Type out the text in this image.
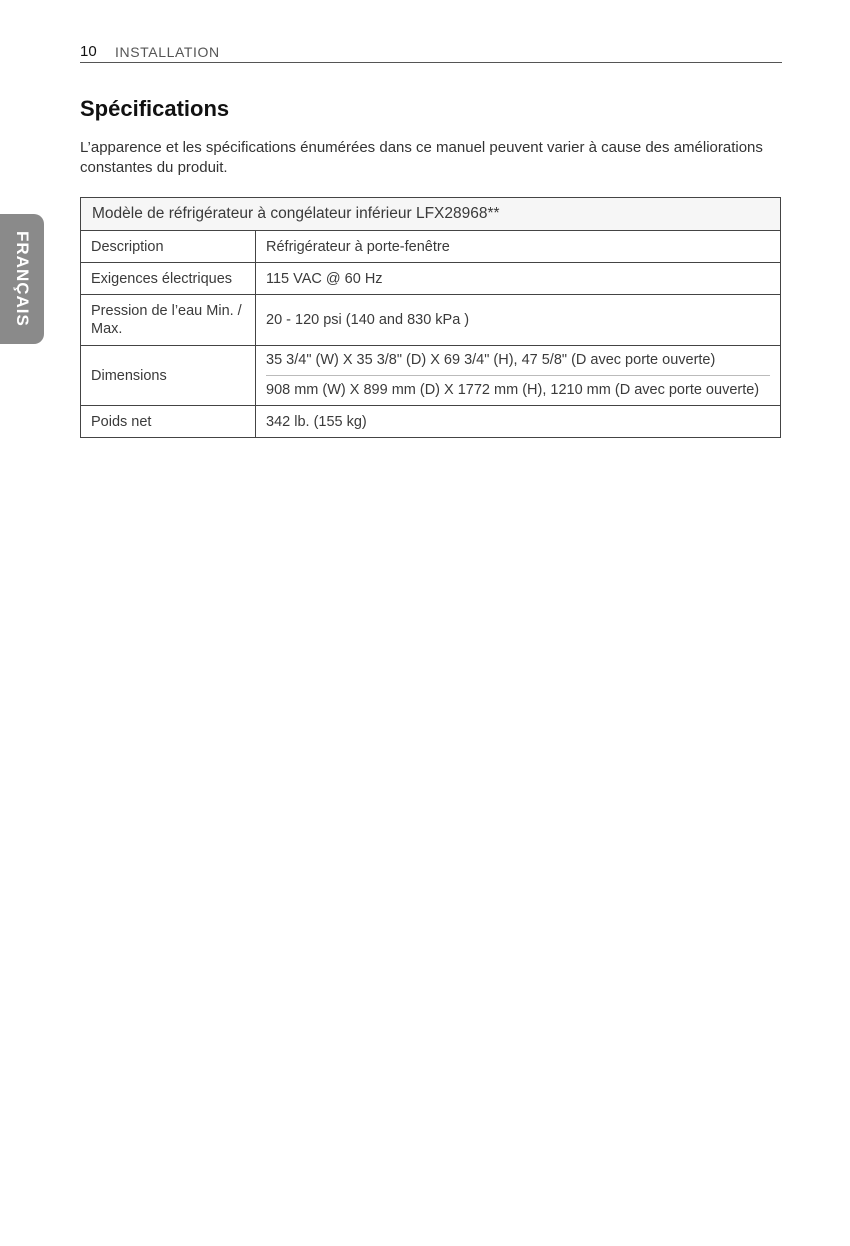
10 INSTALLATION
FRANÇAIS
Spécifications

L’apparence et les spécifications énumérées dans ce manuel peuvent varier à cause des améliorations constantes du produit.

Modèle de réfrigérateur à congélateur inférieur LFX28968**	
Description	Réfrigérateur à porte-fenêtre
Exigences électriques	115 VAC @ 60 Hz
Pression de l’eau Min. / Max.	20 - 120 psi (140 and 830 kPa )
Dimensions	35 3/4" (W) X 35 3/8" (D) X 69 3/4" (H), 47 5/8" (D avec porte ouverte)
908 mm (W) X 899 mm (D) X 1772 mm (H), 1210 mm (D avec porte ouverte)

Poids net	342 lb. (155 kg)
